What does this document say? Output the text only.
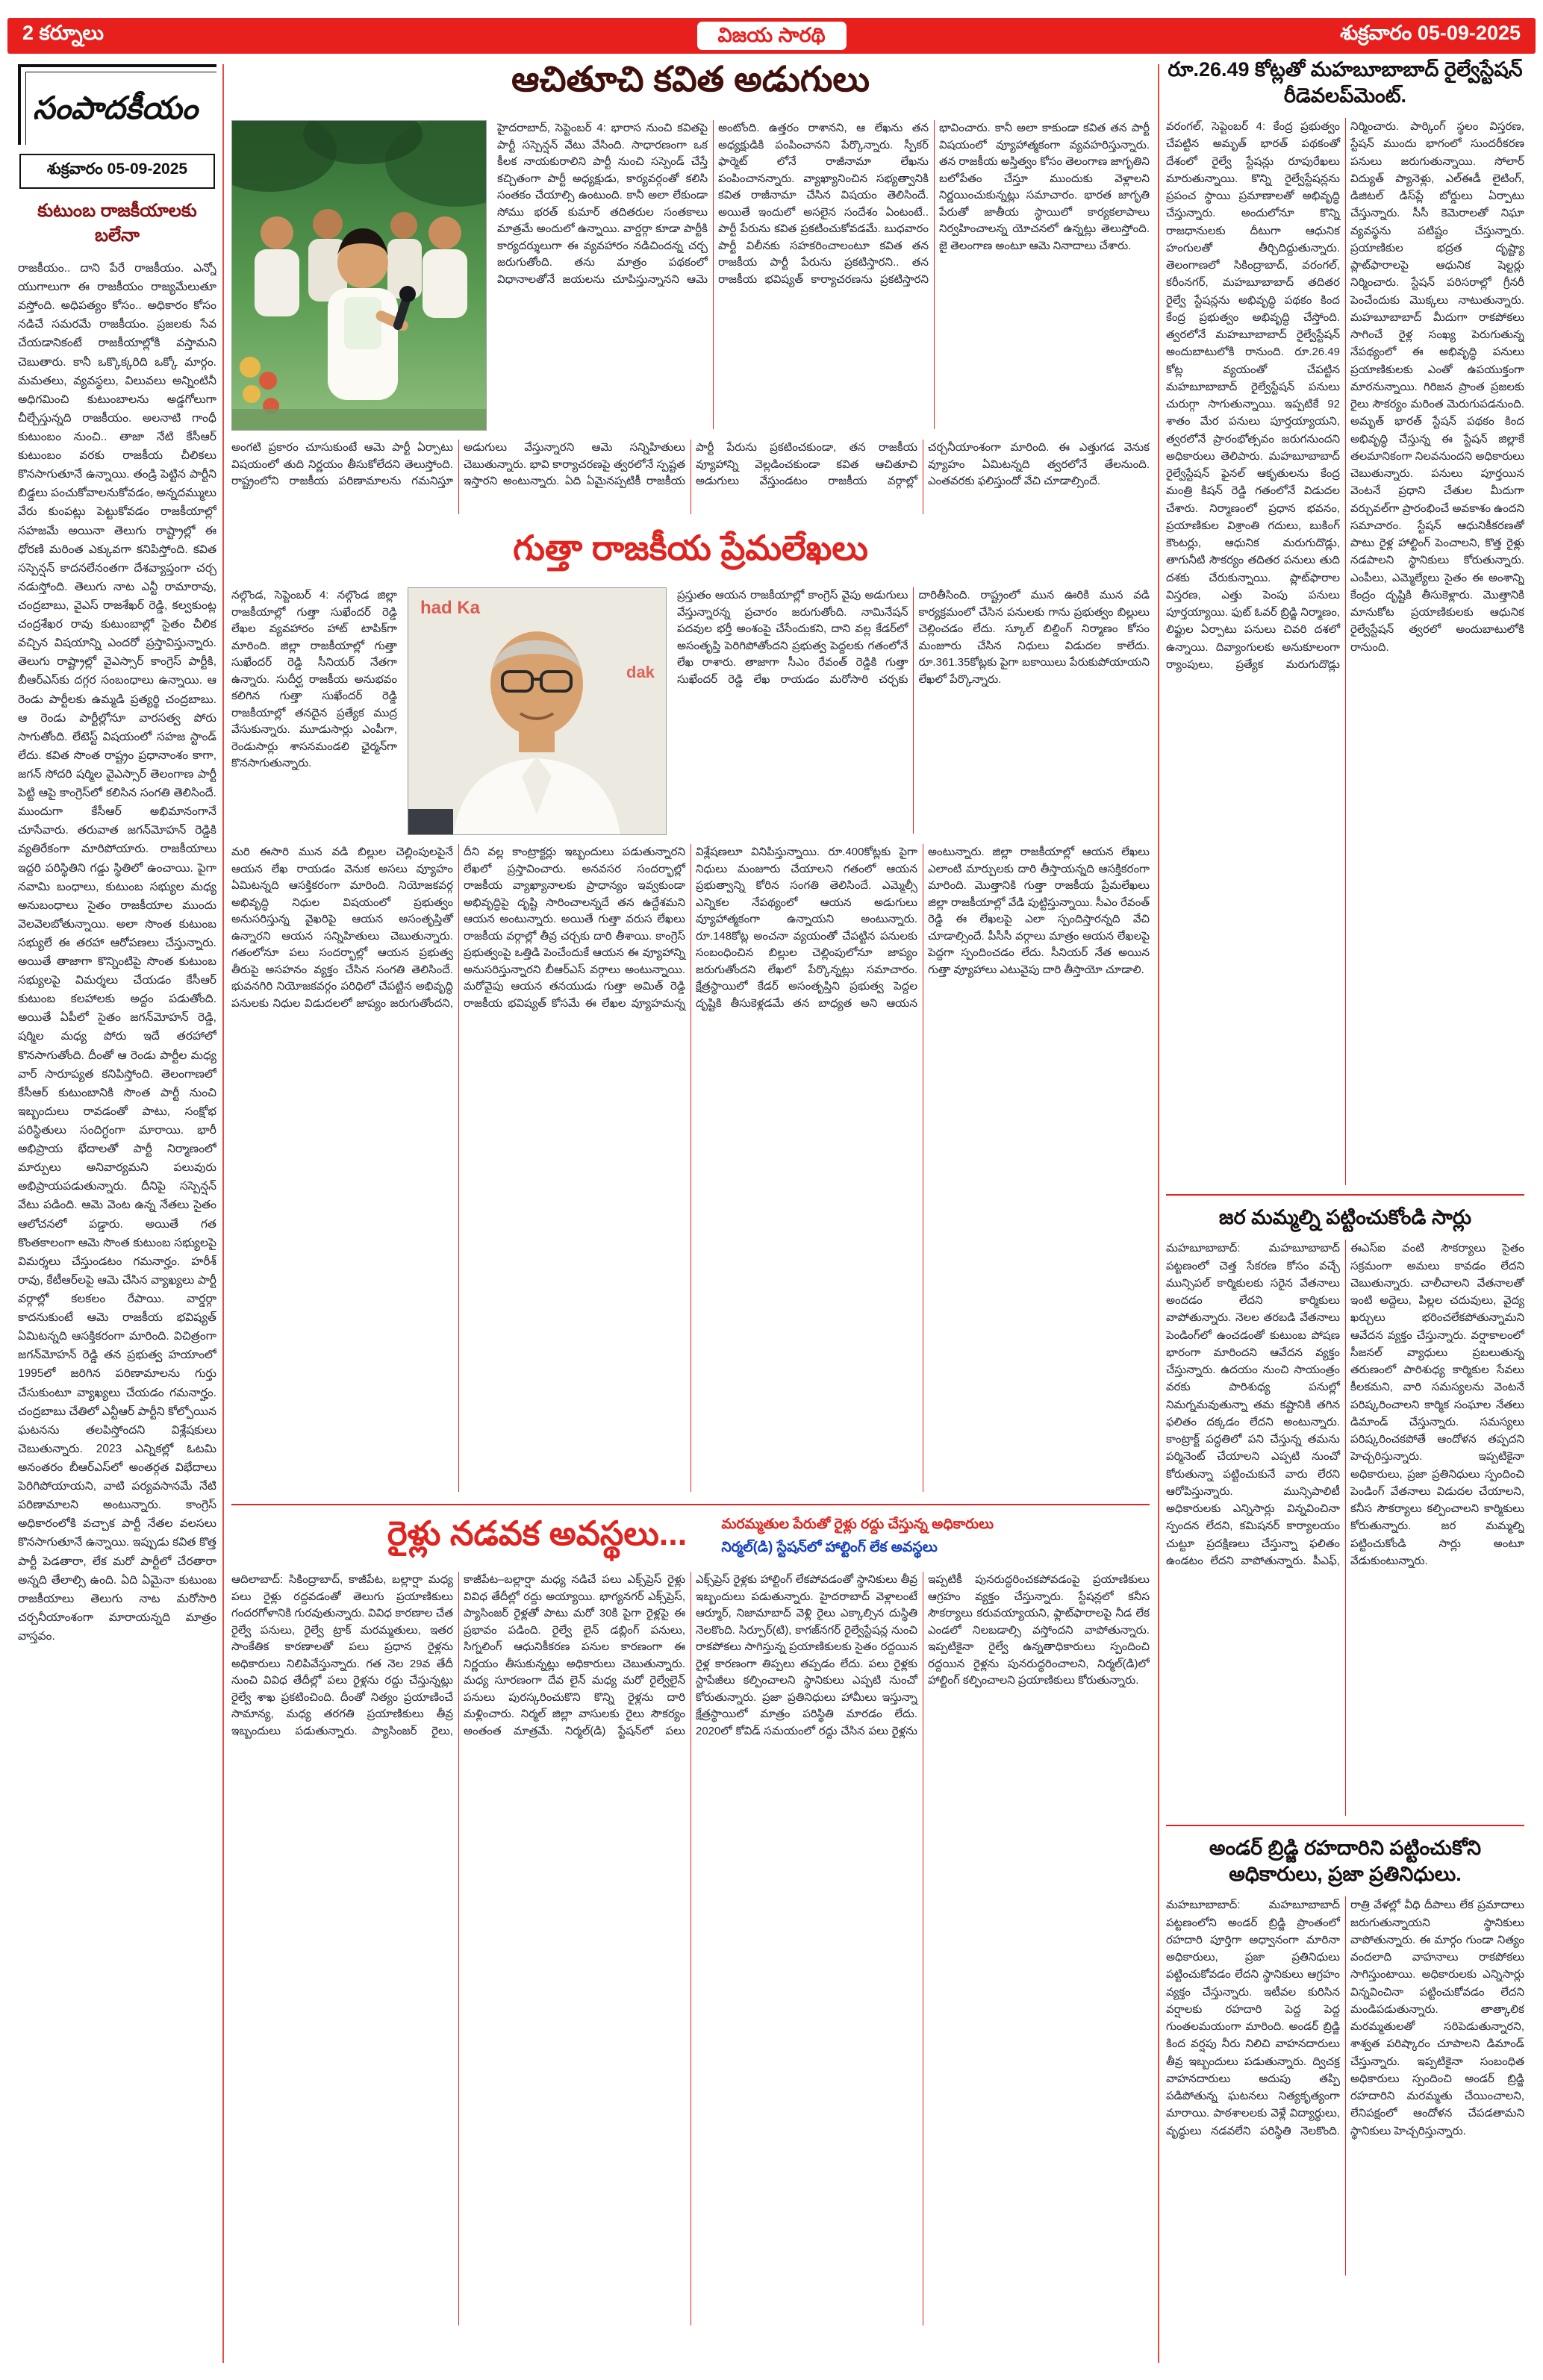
2 కర్నూలు	విజయ సారథి	శుక్రవారం 05-09-2025
సంపాదకీయం
శుక్రవారం 05-09-2025
కుటుంబ రాజకీయాలకు బలేనా
రాజకీయం.. దాని పేరే రాజకీయం. ఎన్నో యుగాలుగా ఈ రాజకీయం రాజ్యమేలుతూ వస్తోంది. అధిపత్యం కోసం.. అధికారం కోసం నడిచే సమరమే రాజకీయం. ప్రజలకు సేవ చేయడానికంటే రాజకీయాల్లోకి వస్తామని చెబుతారు. కానీ ఒక్కొక్కరిది ఒక్కో మార్గం. మమతలు, వ్యవస్థలు, విలువలు అన్నింటినీ అధిగమించి కుటుంబాలను అడ్డగోలుగా చీల్చేస్తున్నది రాజకీయం. అలనాటి గాంధీ కుటుంబం నుంచి.. తాజా నేటి కేసీఆర్ కుటుంబం వరకు రాజకీయ చీలికలు కొనసాగుతూనే ఉన్నాయి. తండ్రి పెట్టిన పార్టీని బిడ్డలు పంచుకోవాలనుకోవడం, అన్నదమ్ములు వేరు కుంపట్లు పెట్టుకోవడం రాజకీయాల్లో సహజమే అయినా తెలుగు రాష్ట్రాల్లో ఈ ధోరణి మరింత ఎక్కువగా కనిపిస్తోంది. కవిత సస్పెన్షన్ కాదనలేనంతగా దేశవ్యాప్తంగా చర్చ నడుస్తోంది. తెలుగు నాట ఎన్టీ రామారావు, చంద్రబాబు, వైఎస్ రాజశేఖర్ రెడ్డి, కల్వకుంట్ల చంద్రశేఖర రావు కుటుంబాల్లో సైతం చీలిక వచ్చిన విషయాన్ని ఎందరో ప్రస్తావిస్తున్నారు. తెలుగు రాష్ట్రాల్లో వైఎస్సార్ కాంగ్రెస్ పార్టీకి, బీఆర్ఎస్‌కు దగ్గర సంబంధాలు ఉన్నాయి. ఆ రెండు పార్టీలకు ఉమ్మడి ప్రత్యర్థి చంద్రబాబు. ఆ రెండు పార్టీల్లోనూ వారసత్వ పోరు సాగుతోంది. లేటెస్ట్ విషయంలో సహజ స్టాండ్ లేదు. కవిత సొంత రాష్ట్రం ప్రధానాంశం కాగా, జగన్ సోదరి షర్మిల వైఎస్సార్ తెలంగాణ పార్టీ పెట్టి ఆపై కాంగ్రెస్‌లో కలిసిన సంగతి తెలిసిందే. ముందుగా కేసీఆర్ అభిమానంగానే చూసేవారు. తరువాత జగన్‌మోహన్ రెడ్డికి వ్యతిరేకంగా మారిపోయారు. రాజకీయాలు ఇద్దరి పరిస్థితిని గడ్డు స్థితిలో ఉంచాయి. పైగా నవామి బంధాలు, కుటుంబ సభ్యుల మధ్య అనుబంధాలు సైతం రాజకీయాల ముందు వెలవెలబోతున్నాయి. అలా సొంత కుటుంబ సభ్యులే ఈ తరహా ఆరోపణలు చేస్తున్నారు. అయితే తాజాగా కొన్నింటిపై సొంత కుటుంబ సభ్యులపై విమర్శలు చేయడం కేసీఆర్ కుటుంబ కలహాలకు అద్దం పడుతోంది. అయితే ఏపీలో సైతం జగన్‌మోహన్ రెడ్డి, షర్మిల మధ్య పోరు ఇదే తరహాలో కొనసాగుతోంది. దీంతో ఆ రెండు పార్టీల మధ్య వార్ సారూప్యత కనిపిస్తోంది. తెలంగాణలో కేసీఆర్ కుటుంబానికి సొంత పార్టీ నుంచి ఇబ్బందులు రావడంతో పాటు, సంక్షోభ పరిస్థితులు సందిగ్ధంగా మారాయి. భారీ అభిప్రాయ భేదాలతో పార్టీ నిర్మాణంలో మార్పులు అనివార్యమని పలువురు అభిప్రాయపడుతున్నారు. దీనిపై సస్పెన్షన్ వేటు పడింది. ఆమె వెంట ఉన్న నేతలు సైతం ఆలోచనలో పడ్డారు. అయితే గత కొంతకాలంగా ఆమె సొంత కుటుంబ సభ్యులపై విమర్శలు చేస్తుండటం గమనార్హం. హరీశ్ రావు, కేటీఆర్‌లపై ఆమె చేసిన వ్యాఖ్యలు పార్టీ వర్గాల్లో కలకలం రేపాయి. వార్డర్గా కాదనుకుంటే ఆమె రాజకీయ భవిష్యత్ ఏమిటన్నది ఆసక్తికరంగా మారింది. విచిత్రంగా జగన్‌మోహన్ రెడ్డి తన ప్రభుత్వ హయాంలో 1995లో జరిగిన పరిణామాలను గుర్తు చేసుకుంటూ వ్యాఖ్యలు చేయడం గమనార్హం. చంద్రబాబు చేతిలో ఎన్టీఆర్ పార్టీని కోల్పోయిన ఘటనను తలపిస్తోందని విశ్లేషకులు చెబుతున్నారు. 2023 ఎన్నికల్లో ఓటమి అనంతరం బీఆర్ఎస్‌లో అంతర్గత విభేదాలు పెరిగిపోయాయని, వాటి పర్యవసానమే నేటి పరిణామాలని అంటున్నారు. కాంగ్రెస్ అధికారంలోకి వచ్చాక పార్టీ నేతల వలసలు కొనసాగుతూనే ఉన్నాయి. ఇప్పుడు కవిత కొత్త పార్టీ పెడతారా, లేక మరో పార్టీలో చేరతారా అన్నది తేలాల్సి ఉంది. ఏది ఏమైనా కుటుంబ రాజకీయాలు తెలుగు నాట మరోసారి చర్చనీయాంశంగా మారాయన్నది మాత్రం వాస్తవం.
ఆచితూచి కవిత అడుగులు
హైదరాబాద్, సెప్టెంబర్ 4: భారాస నుంచి కవితపై పార్టీ సస్పెన్షన్ వేటు వేసింది. సాధారణంగా ఒక కీలక నాయకురాలిని పార్టీ నుంచి సస్పెండ్ చేస్తే కచ్చితంగా పార్టీ అధ్యక్షుడు, కార్యవర్గంతో కలిసి సంతకం చేయాల్సి ఉంటుంది. కానీ అలా లేకుండా సోము భరత్ కుమార్ తదితరుల సంతకాలు మాత్రమే అందులో ఉన్నాయి. వార్డర్గా కూడా పార్టీకి కార్యదర్శులుగా ఈ వ్యవహారం నడిచిందన్న చర్చ జరుగుతోంది. తను మాత్రం పథకంలో విధానాలతోనే జయలను చూపిస్తున్నానని ఆమె అంటోంది. ఉత్తరం రాశానని, ఆ లేఖను తన అధ్యక్షుడికి పంపించానని పేర్కొన్నారు. స్పీకర్ ఫార్మెట్ లోనే రాజీనామా లేఖను పంపించానన్నారు. వ్యాఖ్యానించిన సభ్యత్వానికి కవిత రాజీనామా చేసిన విషయం తెలిసిందే. అయితే ఇందులో అసలైన సందేశం ఏంటంటే.. పార్టీ పేరును కవిత ప్రకటించుకోవడమే. బుధవారం పార్టీ విలీనకు సహకరించాలంటూ కవిత తన రాజకీయ పార్టీ పేరును ప్రకటిస్తారని.. తన రాజకీయ భవిష్యత్ కార్యాచరణను ప్రకటిస్తారని భావించారు. కానీ అలా కాకుండా కవిత తన పార్టీ విషయంలో వ్యూహాత్మకంగా వ్యవహరిస్తున్నారు. తన రాజకీయ అస్తిత్వం కోసం తెలంగాణ జాగృతిని బలోపేతం చేస్తూ ముందుకు వెళ్లాలని నిర్ణయించుకున్నట్లు సమాచారం. భారత జాగృతి పేరుతో జాతీయ స్థాయిలో కార్యకలాపాలు నిర్వహించాలన్న యోచనలో ఉన్నట్లు తెలుస్తోంది. జై తెలంగాణ అంటూ ఆమె నినాదాలు చేశారు.
అంగటి ప్రకారం చూసుకుంటే ఆమె పార్టీ ఏర్పాటు విషయంలో తుది నిర్ణయం తీసుకోలేదని తెలుస్తోంది. రాష్ట్రంలోని రాజకీయ పరిణామాలను గమనిస్తూ అడుగులు వేస్తున్నారని ఆమె సన్నిహితులు చెబుతున్నారు. భావి కార్యాచరణపై త్వరలోనే స్పష్టత ఇస్తారని అంటున్నారు. ఏది ఏమైనప్పటికీ రాజకీయ పార్టీ పేరును ప్రకటించకుండా, తన రాజకీయ వ్యూహాన్ని వెల్లడించకుండా కవిత ఆచితూచి అడుగులు వేస్తుండటం రాజకీయ వర్గాల్లో చర్చనీయాంశంగా మారింది. ఈ ఎత్తుగడ వెనుక వ్యూహం ఏమిటన్నది త్వరలోనే తేలనుంది. ఎంతవరకు ఫలిస్తుందో వేచి చూడాల్సిందే.
గుత్తా రాజకీయ ప్రేమలేఖలు
నల్గొండ, సెప్టెంబర్ 4: నల్గొండ జిల్లా రాజకీయాల్లో గుత్తా సుఖేందర్ రెడ్డి లేఖల వ్యవహారం హాట్ టాపిక్‌గా మారింది. జిల్లా రాజకీయాల్లో గుత్తా సుఖేందర్ రెడ్డి సీనియర్ నేతగా ఉన్నారు. సుదీర్ఘ రాజకీయ అనుభవం కలిగిన గుత్తా సుఖేందర్ రెడ్డి రాజకీయాల్లో తనదైన ప్రత్యేక ముద్ర వేసుకున్నారు. మూడుసార్లు ఎంపీగా, రెండుసార్లు శాసనమండలి ఛైర్మన్‌గా కొనసాగుతున్నారు.
had Ka
dak
ప్రస్తుతం ఆయన రాజకీయాల్లో కాంగ్రెస్ వైపు అడుగులు వేస్తున్నారన్న ప్రచారం జరుగుతోంది. నామినేషన్ పదవుల భర్తీ అంశంపై చేసేందుకని, దాని వల్ల కేడర్‌లో అసంతృప్తి పెరిగిపోతోందని ప్రభుత్వ పెద్దలకు గతంలోనే లేఖ రాశారు. తాజాగా సీఎం రేవంత్ రెడ్డికి గుత్తా సుఖేందర్ రెడ్డి లేఖ రాయడం మరోసారి చర్చకు దారితీసింది. రాష్ట్రంలో మున ఊరికి మున వడి కార్యక్రమంలో చేసిన పనులకు గాను ప్రభుత్వం బిల్లులు చెల్లించడం లేదు. స్కూల్ బిల్డింగ్ నిర్మాణం కోసం మంజూరు చేసిన నిధులు విడుదల కాలేదు. రూ.361.35కోట్లకు పైగా బకాయిలు పేరుకుపోయాయని లేఖలో పేర్కొన్నారు.
మరి ఈసారి మున వడి బిల్లుల చెల్లింపులపైనే ఆయన లేఖ రాయడం వెనుక అసలు వ్యూహం ఏమిటన్నది ఆసక్తికరంగా మారింది. నియోజకవర్గ అభివృద్ధి నిధుల విషయంలో ప్రభుత్వం అనుసరిస్తున్న వైఖరిపై ఆయన అసంతృప్తితో ఉన్నారని ఆయన సన్నిహితులు చెబుతున్నారు. గతంలోనూ పలు సందర్భాల్లో ఆయన ప్రభుత్వ తీరుపై అసహనం వ్యక్తం చేసిన సంగతి తెలిసిందే. భువనగిరి నియోజకవర్గం పరిధిలో చేపట్టిన అభివృద్ధి పనులకు నిధుల విడుదలలో జాప్యం జరుగుతోందని, దీని వల్ల కాంట్రాక్టర్లు ఇబ్బందులు పడుతున్నారని లేఖలో ప్రస్తావించారు. అనవసర సందర్భాల్లో రాజకీయ వ్యాఖ్యానాలకు ప్రాధాన్యం ఇవ్వకుండా అభివృద్ధిపై దృష్టి సారించాలన్నదే తన ఉద్దేశమని ఆయన అంటున్నారు. అయితే గుత్తా వరుస లేఖలు రాజకీయ వర్గాల్లో తీవ్ర చర్చకు దారి తీశాయి. కాంగ్రెస్ ప్రభుత్వంపై ఒత్తిడి పెంచేందుకే ఆయన ఈ వ్యూహాన్ని అనుసరిస్తున్నారని బీఆర్ఎస్ వర్గాలు అంటున్నాయి. మరోవైపు ఆయన తనయుడు గుత్తా అమిత్ రెడ్డి రాజకీయ భవిష్యత్ కోసమే ఈ లేఖల వ్యూహమన్న విశ్లేషణలూ వినిపిస్తున్నాయి. రూ.400కోట్లకు పైగా నిధులు మంజూరు చేయాలని గతంలో ఆయన ప్రభుత్వాన్ని కోరిన సంగతి తెలిసిందే. ఎమ్మెల్సీ ఎన్నికల నేపథ్యంలో ఆయన అడుగులు వ్యూహాత్మకంగా ఉన్నాయని అంటున్నారు. రూ.148కోట్ల అంచనా వ్యయంతో చేపట్టిన పనులకు సంబంధించిన బిల్లుల చెల్లింపులోనూ జాప్యం జరుగుతోందని లేఖలో పేర్కొన్నట్లు సమాచారం. క్షేత్రస్థాయిలో కేడర్ అసంతృప్తిని ప్రభుత్వ పెద్దల దృష్టికి తీసుకెళ్లడమే తన బాధ్యత అని ఆయన అంటున్నారు. జిల్లా రాజకీయాల్లో ఆయన లేఖలు ఎలాంటి మార్పులకు దారి తీస్తాయన్నది ఆసక్తికరంగా మారింది. మొత్తానికి గుత్తా రాజకీయ ప్రేమలేఖలు జిల్లా రాజకీయాల్లో వేడి పుట్టిస్తున్నాయి. సీఎం రేవంత్ రెడ్డి ఈ లేఖలపై ఎలా స్పందిస్తారన్నది వేచి చూడాల్సిందే. పీసీసీ వర్గాలు మాత్రం ఆయన లేఖలపై పెద్దగా స్పందించడం లేదు. సీనియర్ నేత అయిన గుత్తా వ్యూహాలు ఎటువైపు దారి తీస్తాయో చూడాలి.
రైళ్లు నడవక అవస్థలు... మరమ్మతుల పేరుతో రైళ్లు రద్దు చేస్తున్న అధికారులు
నిర్మల్(డి) స్టేషన్‌లో హాల్టింగ్ లేక అవస్థలు
ఆదిలాబాద్: సికింద్రాబాద్, కాజీపేట, బల్లార్షా మధ్య పలు రైళ్లు రద్దవడంతో తెలుగు ప్రయాణికులు గందరగోళానికి గురవుతున్నారు. వివిధ కారణాల చేత రైల్వే పనులు, రైల్వే ట్రాక్ మరమ్మతులు, ఇతర సాంకేతిక కారణాలతో పలు ప్రధాన రైళ్లను అధికారులు నిలిపివేస్తున్నారు. గత నెల 29వ తేదీ నుంచి వివిధ తేదీల్లో పలు రైళ్లను రద్దు చేస్తున్నట్లు రైల్వే శాఖ ప్రకటించింది. దీంతో నిత్యం ప్రయాణించే సామాన్య, మధ్య తరగతి ప్రయాణికులు తీవ్ర ఇబ్బందులు పడుతున్నారు. ప్యాసింజర్ రైలు, కాజీపేట–బల్లార్షా మధ్య నడిచే పలు ఎక్స్‌ప్రెస్ రైళ్లు వివిధ తేదీల్లో రద్దు అయ్యాయి. భాగ్యనగర్ ఎక్స్‌ప్రెస్, ప్యాసింజర్ రైళ్లతో పాటు మరో 30కి పైగా రైళ్లపై ఈ ప్రభావం పడింది. రైల్వే లైన్ డబ్లింగ్ పనులు, సిగ్నలింగ్ ఆధునికీకరణ పనుల కారణంగా ఈ నిర్ణయం తీసుకున్నట్లు అధికారులు చెబుతున్నారు. మధ్య సూరణంగా దేవ లైన్ మధ్య మరో రైల్వేలైన్ పనులు పురస్కరించుకొని కొన్ని రైళ్లను దారి మళ్లించారు. నిర్మల్ జిల్లా వాసులకు రైలు సౌకర్యం అంతంత మాత్రమే. నిర్మల్(డి) స్టేషన్‌లో పలు ఎక్స్‌ప్రెస్ రైళ్లకు హాల్టింగ్ లేకపోవడంతో స్థానికులు తీవ్ర ఇబ్బందులు పడుతున్నారు. హైదరాబాద్ వెళ్లాలంటే ఆర్మూర్, నిజామాబాద్ వెళ్లి రైలు ఎక్కాల్సిన దుస్థితి నెలకొంది. సిర్పూర్(టి), కాగజ్‌నగర్ రైల్వేస్టేషన్ల నుంచి రాకపోకలు సాగిస్తున్న ప్రయాణికులకు సైతం రద్దయిన రైళ్ల కారణంగా తిప్పలు తప్పడం లేదు. పలు రైళ్లకు స్టాపేజీలు కల్పించాలని స్థానికులు ఎప్పటి నుంచో కోరుతున్నారు. ప్రజా ప్రతినిధులు హామీలు ఇస్తున్నా క్షేత్రస్థాయిలో మాత్రం పరిస్థితి మారడం లేదు. 2020లో కోవిడ్ సమయంలో రద్దు చేసిన పలు రైళ్లను ఇప్పటికీ పునరుద్ధరించకపోవడంపై ప్రయాణికులు ఆగ్రహం వ్యక్తం చేస్తున్నారు. స్టేషన్లలో కనీస సౌకర్యాలు కరువయ్యాయని, ఫ్లాట్‌ఫారాలపై నీడ లేక ఎండలో నిలబడాల్సి వస్తోందని వాపోతున్నారు. ఇప్పటికైనా రైల్వే ఉన్నతాధికారులు స్పందించి రద్దయిన రైళ్లను పునరుద్ధరించాలని, నిర్మల్(డి)లో హాల్టింగ్ కల్పించాలని ప్రయాణికులు కోరుతున్నారు.
రూ.26.49 కోట్లతో మహబూబాబాద్ రైల్వేస్టేషన్ రీడెవలప్‌మెంట్.
వరంగల్, సెప్టెంబర్ 4: కేంద్ర ప్రభుత్వం చేపట్టిన అమృత్ భారత్ పథకంతో దేశంలో రైల్వే స్టేషన్లు రూపురేఖలు మారుతున్నాయి. కొన్ని రైల్వేస్టేషన్లను ప్రపంచ స్థాయి ప్రమాణాలతో అభివృద్ధి చేస్తున్నారు. అందులోనూ కొన్ని రాజధానులకు దీటుగా ఆధునిక హంగులతో తీర్చిదిద్దుతున్నారు. తెలంగాణలో సికింద్రాబాద్, వరంగల్, కరీంనగర్, మహబూబాబాద్ తదితర రైల్వే స్టేషన్లను అభివృద్ధి పథకం కింద కేంద్ర ప్రభుత్వం అభివృద్ధి చేస్తోంది. త్వరలోనే మహబూబాబాద్ రైల్వేస్టేషన్ అందుబాటులోకి రానుంది. రూ.26.49 కోట్ల వ్యయంతో చేపట్టిన మహబూబాబాద్ రైల్వేస్టేషన్ పనులు చురుగ్గా సాగుతున్నాయి. ఇప్పటికే 92 శాతం మేర పనులు పూర్తయ్యాయని, త్వరలోనే ప్రారంభోత్సవం జరుగనుందని అధికారులు తెలిపారు. మహబూబాబాద్ రైల్వేస్టేషన్ ఫైనల్ ఆకృతులను కేంద్ర మంత్రి కిషన్ రెడ్డి గతంలోనే విడుదల చేశారు. నిర్మాణంలో ప్రధాన భవనం, ప్రయాణికుల విశ్రాంతి గదులు, బుకింగ్ కౌంటర్లు, ఆధునిక మరుగుదొడ్లు, తాగునీటి సౌకర్యం తదితర పనులు తుది దశకు చేరుకున్నాయి. ప్లాట్‌ఫారాల విస్తరణ, ఎత్తు పెంపు పనులు పూర్తయ్యాయి. ఫుట్ ఓవర్ బ్రిడ్జి నిర్మాణం, లిఫ్టుల ఏర్పాటు పనులు చివరి దశలో ఉన్నాయి. దివ్యాంగులకు అనుకూలంగా ర్యాంపులు, ప్రత్యేక మరుగుదొడ్లు నిర్మించారు. పార్కింగ్ స్థలం విస్తరణ, స్టేషన్ ముందు భాగంలో సుందరీకరణ పనులు జరుగుతున్నాయి. సోలార్ విద్యుత్ ప్యానెళ్లు, ఎల్ఈడీ లైటింగ్, డిజిటల్ డిస్‌ప్లే బోర్డులు ఏర్పాటు చేస్తున్నారు. సీసీ కెమెరాలతో నిఘా వ్యవస్థను పటిష్టం చేస్తున్నారు. ప్రయాణికుల భద్రత దృష్ట్యా ప్లాట్‌ఫారాలపై ఆధునిక షెల్టర్లు నిర్మించారు. స్టేషన్ పరిసరాల్లో గ్రీనరీ పెంచేందుకు మొక్కలు నాటుతున్నారు. మహబూబాబాద్ మీదుగా రాకపోకలు సాగించే రైళ్ల సంఖ్య పెరుగుతున్న నేపథ్యంలో ఈ అభివృద్ధి పనులు ప్రయాణికులకు ఎంతో ఉపయుక్తంగా మారనున్నాయి. గిరిజన ప్రాంత ప్రజలకు రైలు సౌకర్యం మరింత మెరుగుపడనుంది. అమృత్ భారత్ స్టేషన్ పథకం కింద అభివృద్ధి చేస్తున్న ఈ స్టేషన్ జిల్లాకే తలమానికంగా నిలవనుందని అధికారులు చెబుతున్నారు. పనులు పూర్తయిన వెంటనే ప్రధాని చేతుల మీదుగా వర్చువల్‌గా ప్రారంభించే అవకాశం ఉందని సమాచారం. స్టేషన్ ఆధునికీకరణతో పాటు రైళ్ల హాల్టింగ్ పెంచాలని, కొత్త రైళ్లు నడపాలని స్థానికులు కోరుతున్నారు. ఎంపీలు, ఎమ్మెల్యేలు సైతం ఈ అంశాన్ని కేంద్రం దృష్టికి తీసుకెళ్లారు. మొత్తానికి మానుకోట ప్రయాణికులకు ఆధునిక రైల్వేస్టేషన్ త్వరలో అందుబాటులోకి రానుంది.
జర మమ్మల్ని పట్టించుకోండి సార్లు
మహబూబాబాద్: మహబూబాబాద్ పట్టణంలో చెత్త సేకరణ కోసం వచ్చే మున్సిపల్ కార్మికులకు సరైన వేతనాలు అందడం లేదని కార్మికులు వాపోతున్నారు. నెలల తరబడి వేతనాలు పెండింగ్‌లో ఉంచడంతో కుటుంబ పోషణ భారంగా మారిందని ఆవేదన వ్యక్తం చేస్తున్నారు. ఉదయం నుంచి సాయంత్రం వరకు పారిశుధ్య పనుల్లో నిమగ్నమవుతున్నా తమ కష్టానికి తగిన ఫలితం దక్కడం లేదని అంటున్నారు. కాంట్రాక్ట్ పద్ధతిలో పని చేస్తున్న తమను పర్మినెంట్ చేయాలని ఎప్పటి నుంచో కోరుతున్నా పట్టించుకునే వారు లేరని ఆరోపిస్తున్నారు. మున్సిపాలిటీ అధికారులకు ఎన్నిసార్లు విన్నవించినా స్పందన లేదని, కమిషనర్ కార్యాలయం చుట్టూ ప్రదక్షిణలు చేస్తున్నా ఫలితం ఉండటం లేదని వాపోతున్నారు. పీఎఫ్, ఈఎస్ఐ వంటి సౌకర్యాలు సైతం సక్రమంగా అమలు కావడం లేదని చెబుతున్నారు. చాలీచాలని వేతనాలతో ఇంటి అద్దెలు, పిల్లల చదువులు, వైద్య ఖర్చులు భరించలేకపోతున్నామని ఆవేదన వ్యక్తం చేస్తున్నారు. వర్షాకాలంలో సీజనల్ వ్యాధులు ప్రబలుతున్న తరుణంలో పారిశుధ్య కార్మికుల సేవలు కీలకమని, వారి సమస్యలను వెంటనే పరిష్కరించాలని కార్మిక సంఘాల నేతలు డిమాండ్ చేస్తున్నారు. సమస్యలు పరిష్కరించకపోతే ఆందోళన తప్పదని హెచ్చరిస్తున్నారు. ఇప్పటికైనా అధికారులు, ప్రజా ప్రతినిధులు స్పందించి పెండింగ్ వేతనాలు విడుదల చేయాలని, కనీస సౌకర్యాలు కల్పించాలని కార్మికులు కోరుతున్నారు. జర మమ్మల్ని పట్టించుకోండి సార్లు అంటూ వేడుకుంటున్నారు.
అండర్ బ్రిడ్జి రహదారిని పట్టించుకోని అధికారులు, ప్రజా ప్రతినిధులు.
మహబూబాబాద్: మహబూబాబాద్ పట్టణంలోని అండర్ బ్రిడ్జి ప్రాంతంలో రహదారి పూర్తిగా అధ్వానంగా మారినా అధికారులు, ప్రజా ప్రతినిధులు పట్టించుకోవడం లేదని స్థానికులు ఆగ్రహం వ్యక్తం చేస్తున్నారు. ఇటీవల కురిసిన వర్షాలకు రహదారి పెద్ద పెద్ద గుంతలమయంగా మారింది. అండర్ బ్రిడ్జి కింద వర్షపు నీరు నిలిచి వాహనదారులు తీవ్ర ఇబ్బందులు పడుతున్నారు. ద్విచక్ర వాహనదారులు అదుపు తప్పి పడిపోతున్న ఘటనలు నిత్యకృత్యంగా మారాయి. పాఠశాలలకు వెళ్లే విద్యార్థులు, వృద్ధులు నడవలేని పరిస్థితి నెలకొంది. రాత్రి వేళల్లో వీధి దీపాలు లేక ప్రమాదాలు జరుగుతున్నాయని స్థానికులు వాపోతున్నారు. ఈ మార్గం గుండా నిత్యం వందలాది వాహనాలు రాకపోకలు సాగిస్తుంటాయి. అధికారులకు ఎన్నిసార్లు విన్నవించినా పట్టించుకోవడం లేదని మండిపడుతున్నారు. తాత్కాలిక మరమ్మతులతో సరిపెడుతున్నారని, శాశ్వత పరిష్కారం చూపాలని డిమాండ్ చేస్తున్నారు. ఇప్పటికైనా సంబంధిత అధికారులు స్పందించి అండర్ బ్రిడ్జి రహదారిని మరమ్మతు చేయించాలని, లేనిపక్షంలో ఆందోళన చేపడతామని స్థానికులు హెచ్చరిస్తున్నారు.
